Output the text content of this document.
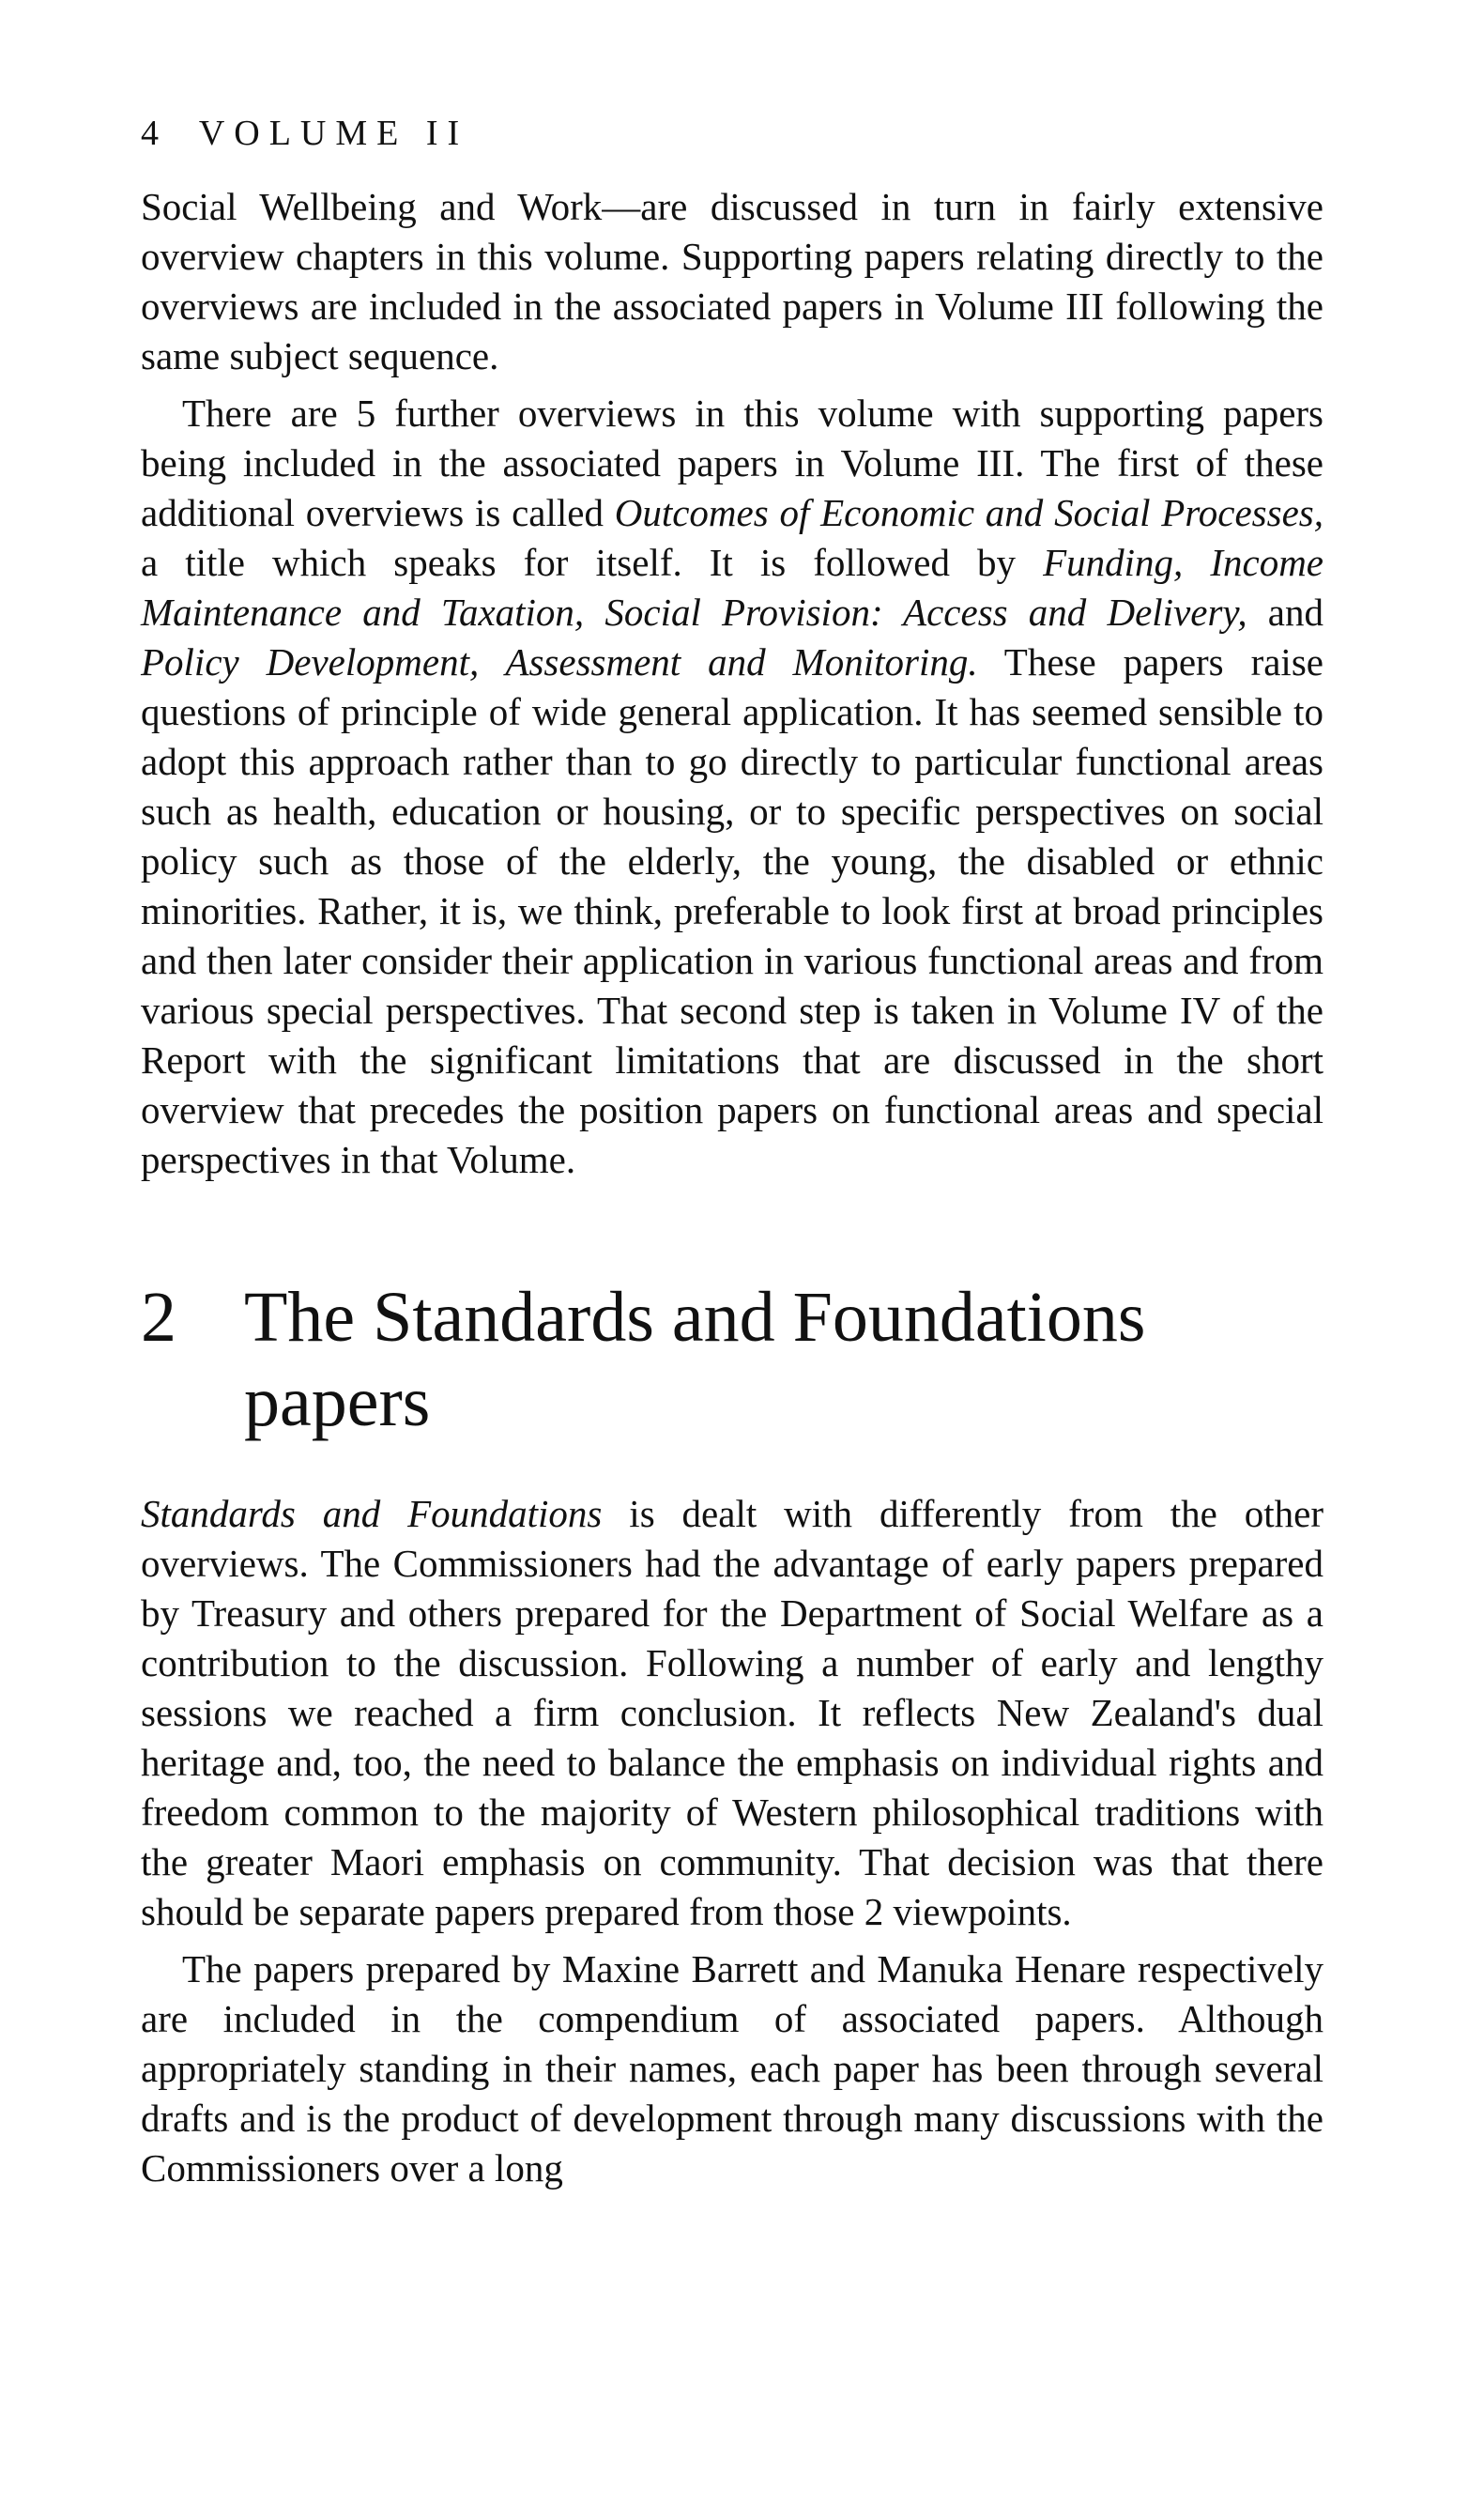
4 VOLUME II

Social Wellbeing and Work—are discussed in turn in fairly extensive overview chapters in this volume. Supporting papers relating directly to the overviews are included in the associated papers in Volume III following the same subject sequence.

There are 5 further overviews in this volume with supporting papers being included in the associated papers in Volume III. The first of these additional overviews is called Outcomes of Economic and Social Processes, a title which speaks for itself. It is followed by Funding, Income Maintenance and Taxation, Social Provision: Access and Delivery, and Policy Development, Assessment and Monitoring. These papers raise questions of principle of wide general application. It has seemed sensible to adopt this approach rather than to go directly to particular functional areas such as health, education or housing, or to specific perspectives on social policy such as those of the elderly, the young, the disabled or ethnic minorities. Rather, it is, we think, preferable to look first at broad principles and then later consider their application in various functional areas and from various special perspectives. That second step is taken in Volume IV of the Report with the significant limitations that are discussed in the short overview that precedes the position papers on functional areas and special perspectives in that Volume.

2 The Standards and Foundations papers

Standards and Foundations is dealt with differently from the other overviews. The Commissioners had the advantage of early papers prepared by Treasury and others prepared for the Department of Social Welfare as a contribution to the discussion. Following a number of early and lengthy sessions we reached a firm conclusion. It reflects New Zealand's dual heritage and, too, the need to balance the emphasis on individual rights and freedom common to the majority of Western philosophical traditions with the greater Maori emphasis on community. That decision was that there should be separate papers prepared from those 2 viewpoints.

The papers prepared by Maxine Barrett and Manuka Henare respectively are included in the compendium of associated papers. Although appropriately standing in their names, each paper has been through several drafts and is the product of development through many discussions with the Commissioners over a long
